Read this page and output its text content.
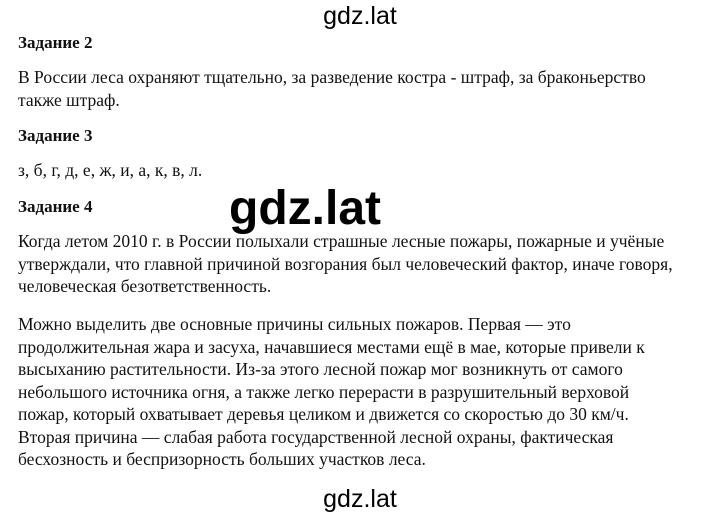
gdz.lat
Задание 2
В России леса охраняют тщательно, за разведение костра - штраф, за браконьерство
также штраф.
Задание 3
з, б, г, д, е, ж, и, а, к, в, л.
Задание 4
Когда летом 2010 г. в России полыхали страшные лесные пожары, пожарные и учёные
утверждали, что главной причиной возгорания был человеческий фактор, иначе говоря,
человеческая безответственность.
Можно выделить две основные причины сильных пожаров. Первая — это
продолжительная жара и засуха, начавшиеся местами ещё в мае, которые привели к
высыханию растительности. Из-за этого лесной пожар мог возникнуть от самого
небольшого источника огня, а также легко перерасти в разрушительный верховой
пожар, который охватывает деревья целиком и движется со скоростью до 30 км/ч.
Вторая причина — слабая работа государственной лесной охраны, фактическая
бесхозность и беспризорность больших участков леса.
gdz.lat
gdz.lat
